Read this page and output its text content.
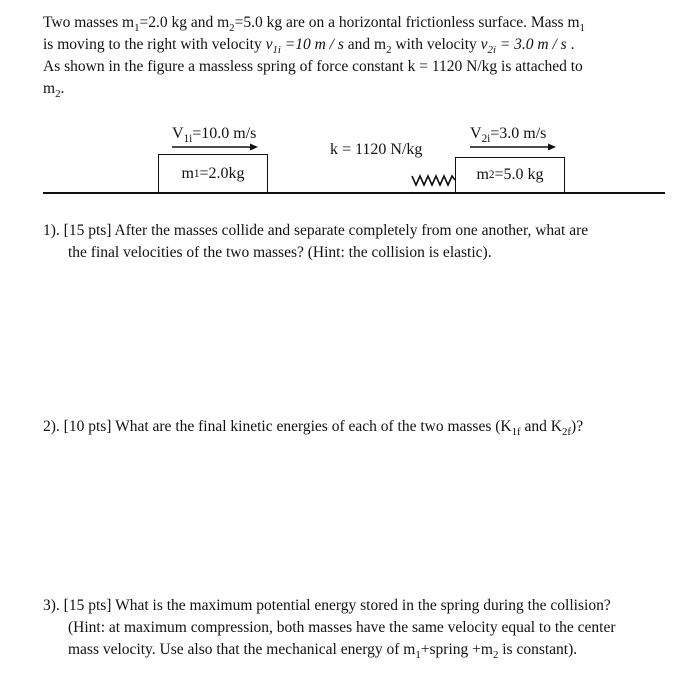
Two masses $m_1=2.0$ kg and $m_2=5.0$ kg are on a horizontal frictionless surface. Mass $m_1$
is moving to the right with velocity $v_{1i} =10$ m / s and $m_2$ with velocity $v_{2i} = 3.0$ m / s .
As shown in the figure a massless spring of force constant k = 1120 N/kg is attached to
$m_2$.
$V_{1i}=10.0$ m/s	$V_{2i}=3.0$ m/s
k = 1120 N/kg
m 1 =2.0kg	m 2 =5.0 kg
1). [15 pts] After the masses collide and separate completely from one another, what are
the final velocities of the two masses? (Hint: the collision is elastic).
2). [10 pts] What are the final kinetic energies of each of the two masses ($K_{1f}$ and $K_{2f}$)?
3). [15 pts] What is the maximum potential energy stored in the spring during the collision?
(Hint: at maximum compression, both masses have the same velocity equal to the center
mass velocity. Use also that the mechanical energy of $m_1+spring +m_2$ is constant).
